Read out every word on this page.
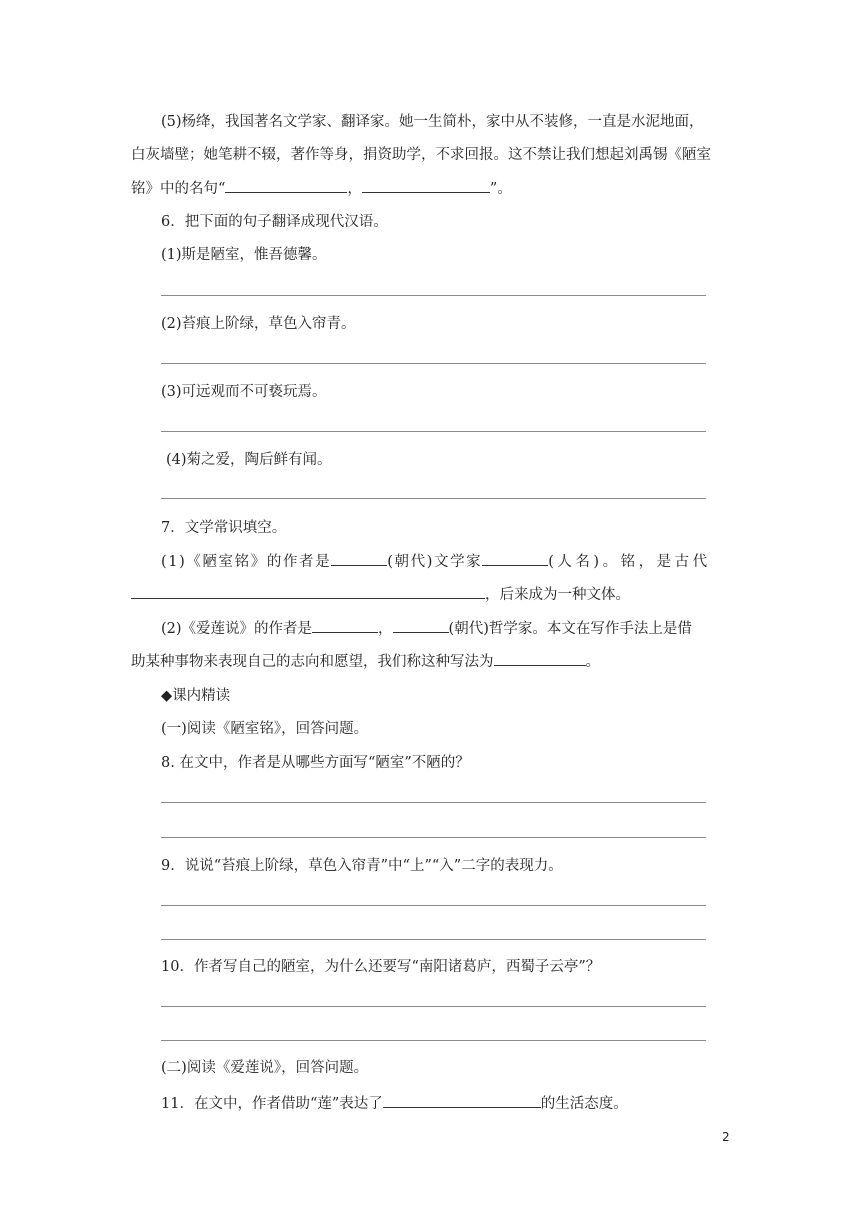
(5)杨绛，我国著名文学家、翻译家。她一生简朴，家中从不装修，一直是水泥地面，
白灰墙壁；她笔耕不辍，著作等身，捐资助学，不求回报。这不禁让我们想起刘禹锡《陋室
铭》中的名句“	，	”。
6．把下面的句子翻译成现代汉语。
(1)斯是陋室，惟吾德馨。
(2)苔痕上阶绿，草色入帘青。
(3)可远观而不可亵玩焉。
(4)菊之爱，陶后鲜有闻。
7．文学常识填空。
(1)《陋室铭》的作者是	(朝代)文学家	(人名)。铭，是古代
，后来成为一种文体。
(2)《爱莲说》的作者是	，	(朝代)哲学家。本文在写作手法上是借
助某种事物来表现自己的志向和愿望，我们称这种写法为	。
◆课内精读
(一)阅读《陋室铭》，回答问题。
8. 在文中，作者是从哪些方面写“陋室”不陋的？
9．说说“苔痕上阶绿，草色入帘青”中“上”“入”二字的表现力。
10．作者写自己的陋室，为什么还要写“南阳诸葛庐，西蜀子云亭”？
(二)阅读《爱莲说》，回答问题。
11．在文中，作者借助“莲”表达了	的生活态度。
2
